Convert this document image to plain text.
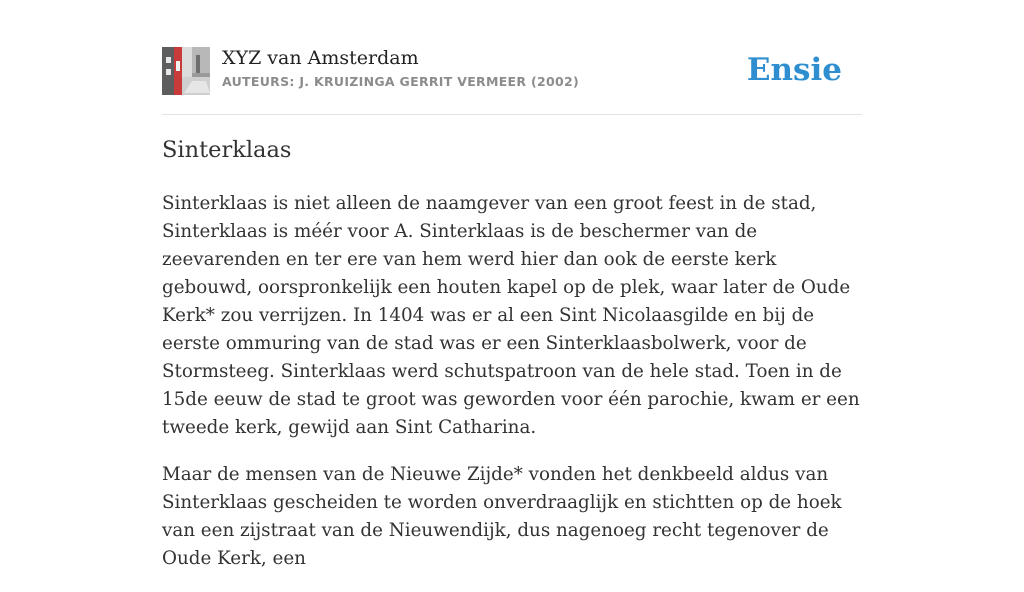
XYZ van Amsterdam
AUTEURS: J. KRUIZINGA GERRIT VERMEER (2002)	Ensie
Sinterklaas

Sinterklaas is niet alleen de naamgever van een groot feest in de stad, Sinterklaas is méér voor A. Sinterklaas is de beschermer van de zeevarenden en ter ere van hem werd hier dan ook de eerste kerk gebouwd, oorspronkelijk een houten kapel op de plek, waar later de Oude Kerk* zou verrijzen. In 1404 was er al een Sint Nicolaasgilde en bij de eerste ommuring van de stad was er een Sinterklaasbolwerk, voor de Stormsteeg. Sinterklaas werd schutspatroon van de hele stad. Toen in de 15de eeuw de stad te groot was geworden voor één parochie, kwam er een tweede kerk, gewijd aan Sint Catharina.

Maar de mensen van de Nieuwe Zijde* vonden het denkbeeld aldus van Sinterklaas gescheiden te worden onverdraaglijk en stichtten op de hoek van een zijstraat van de Nieuwendijk, dus nagenoeg recht tegenover de Oude Kerk, een
